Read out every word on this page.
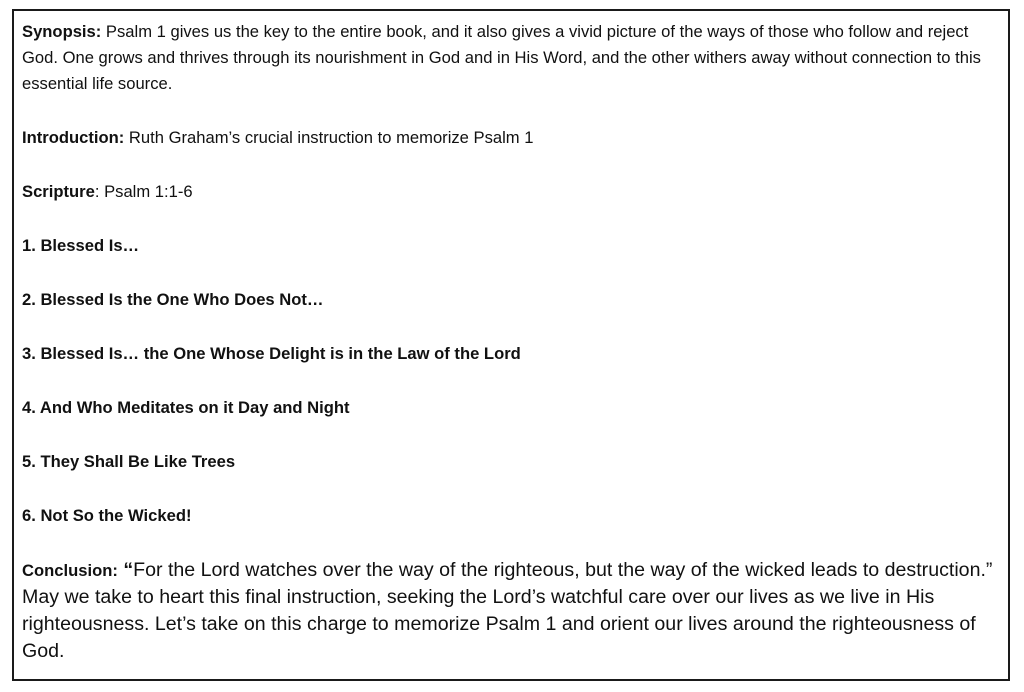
Synopsis: Psalm 1 gives us the key to the entire book, and it also gives a vivid picture of the ways of those who follow and reject God. One grows and thrives through its nourishment in God and in His Word, and the other withers away without connection to this essential life source.

Introduction: Ruth Graham’s crucial instruction to memorize Psalm 1

Scripture: Psalm 1:1-6

1. Blessed Is…

2. Blessed Is the One Who Does Not…

3. Blessed Is… the One Whose Delight is in the Law of the Lord

4. And Who Meditates on it Day and Night

5. They Shall Be Like Trees

6. Not So the Wicked!

Conclusion: “For the Lord watches over the way of the righteous, but the way of the wicked leads to destruction.” May we take to heart this final instruction, seeking the Lord’s watchful care over our lives as we live in His righteousness. Let’s take on this charge to memorize Psalm 1 and orient our lives around the righteousness of God.
